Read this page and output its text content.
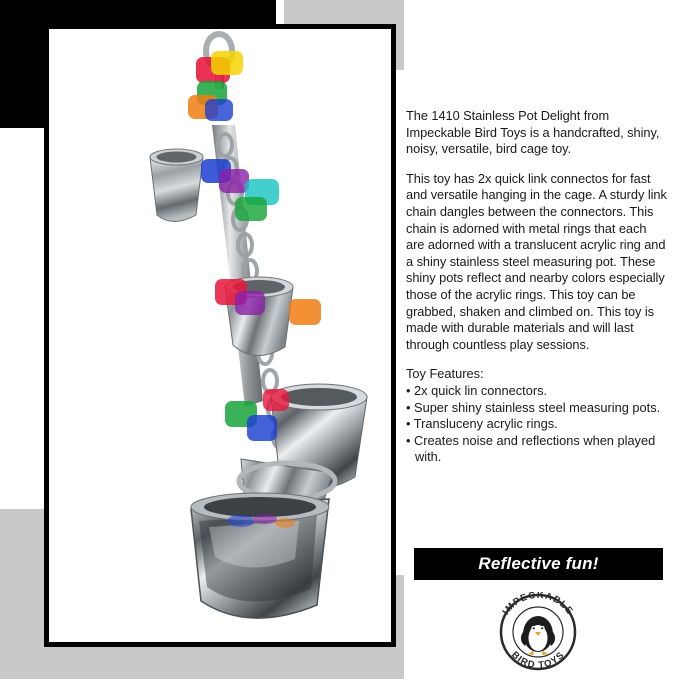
The 1410 Stainless Pot Delight from Impeckable Bird Toys is a handcrafted, shiny, noisy, versatile, bird cage toy.

This toy has 2x quick link connectos for fast and versatile hanging in the cage. A sturdy link chain dangles between the connectors. This chain is adorned with metal rings that each are adorned with a translucent acrylic ring and a shiny stainless steel measuring pot. These shiny pots reflect and nearby colors especially those of the acrylic rings. This toy can be grabbed, shaken and climbed on. This toy is made with durable materials and will last through countless play sessions.

Toy Features:

• 2x quick lin connectors.
• Super shiny stainless steel measuring pots.
• Transluceny acrylic rings.
• Creates noise and reflections when played with.
Reflective fun!
IMPECKABLE
BIRD TOYS
